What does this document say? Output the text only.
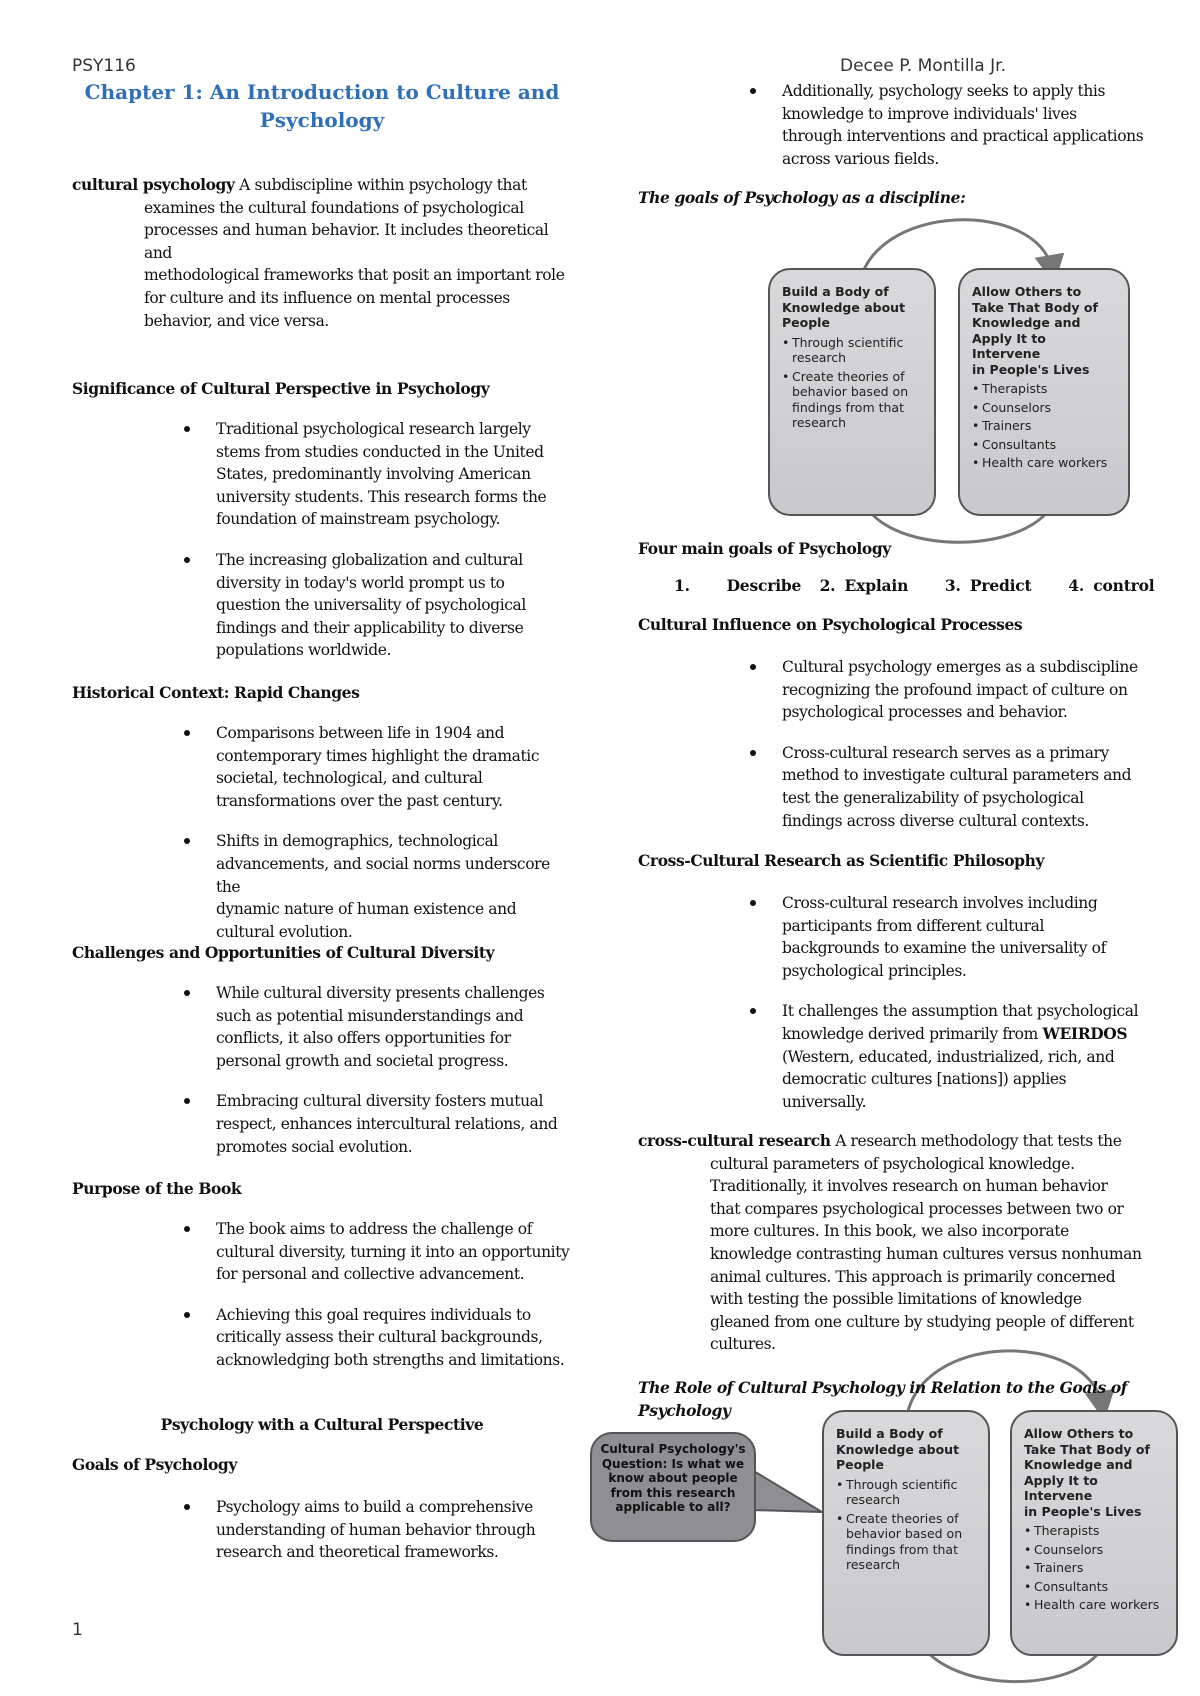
PSY116	Decee P. Montilla Jr.
Chapter 1: An Introduction to Culture and
Psychology
cultural psychology A subdiscipline within psychology that
examines the cultural foundations of psychological
processes and human behavior. It includes theoretical and
methodological frameworks that posit an important role
for culture and its influence on mental processes
behavior, and vice versa.
Significance of Cultural Perspective in Psychology
Traditional psychological research largely
stems from studies conducted in the United
States, predominantly involving American
university students. This research forms the
foundation of mainstream psychology.
The increasing globalization and cultural
diversity in today's world prompt us to
question the universality of psychological
findings and their applicability to diverse
populations worldwide.
Historical Context: Rapid Changes
Comparisons between life in 1904 and
contemporary times highlight the dramatic
societal, technological, and cultural
transformations over the past century.
Shifts in demographics, technological
advancements, and social norms underscore the
dynamic nature of human existence and
cultural evolution.
Challenges and Opportunities of Cultural Diversity
While cultural diversity presents challenges
such as potential misunderstandings and
conflicts, it also offers opportunities for
personal growth and societal progress.
Embracing cultural diversity fosters mutual
respect, enhances intercultural relations, and
promotes social evolution.
Purpose of the Book
The book aims to address the challenge of
cultural diversity, turning it into an opportunity
for personal and collective advancement.
Achieving this goal requires individuals to
critically assess their cultural backgrounds,
acknowledging both strengths and limitations.
Psychology with a Cultural Perspective
Goals of Psychology
Psychology aims to build a comprehensive
understanding of human behavior through
research and theoretical frameworks.
1
Additionally, psychology seeks to apply this
knowledge to improve individuals' lives
through interventions and practical applications
across various fields.
The goals of Psychology as a discipline:
Build a Body of
Knowledge about
People
• Through scientific research
• Create theories of behavior based on findings from that research
Allow Others to
Take That Body of
Knowledge and
Apply It to Intervene
in People's Lives
• Therapists
• Counselors
• Trainers
• Consultants
• Health care workers
Four main goals of Psychology
1.    Describe  2. Explain    3. Predict    4. control
Cultural Influence on Psychological Processes
Cultural psychology emerges as a subdiscipline
recognizing the profound impact of culture on
psychological processes and behavior.
Cross-cultural research serves as a primary
method to investigate cultural parameters and
test the generalizability of psychological
findings across diverse cultural contexts.
Cross-Cultural Research as Scientific Philosophy
Cross-cultural research involves including
participants from different cultural
backgrounds to examine the universality of
psychological principles.
It challenges the assumption that psychological
knowledge derived primarily from WEIRDOS
(Western, educated, industrialized, rich, and
democratic cultures [nations]) applies
universally.
cross-cultural research A research methodology that tests the
cultural parameters of psychological knowledge.
Traditionally, it involves research on human behavior
that compares psychological processes between two or
more cultures. In this book, we also incorporate
knowledge contrasting human cultures versus nonhuman
animal cultures. This approach is primarily concerned
with testing the possible limitations of knowledge
gleaned from one culture by studying people of different
cultures.
The Role of Cultural Psychology in Relation to the Goals of
Psychology
Cultural Psychology's
Question: Is what we
know about people
from this research
applicable to all?
Build a Body of
Knowledge about
People
• Through scientific research
• Create theories of behavior based on findings from that research
Allow Others to
Take That Body of
Knowledge and
Apply It to Intervene
in People's Lives
• Therapists
• Counselors
• Trainers
• Consultants
• Health care workers
